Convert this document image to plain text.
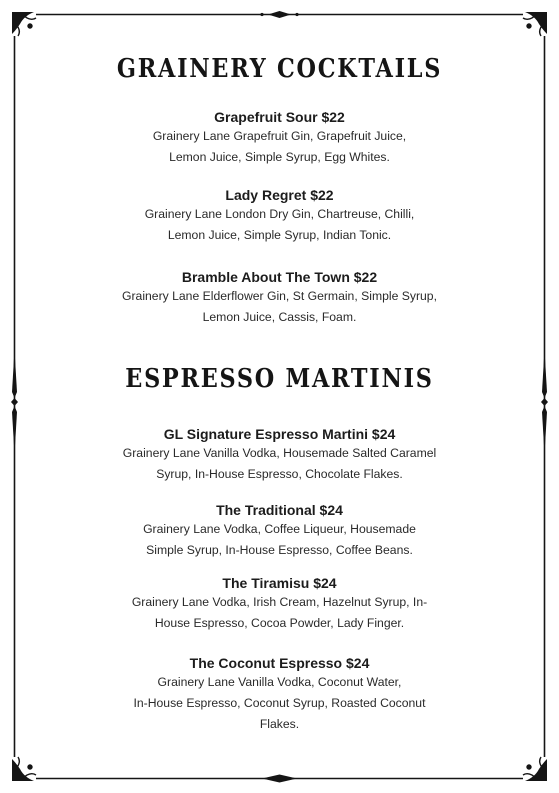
GRAINERY COCKTAILS
Grapefruit Sour $22
Grainery Lane Grapefruit Gin, Grapefruit Juice,
Lemon Juice, Simple Syrup, Egg Whites.
Lady Regret $22
Grainery Lane London Dry Gin, Chartreuse, Chilli,
Lemon Juice, Simple Syrup, Indian Tonic.
Bramble About The Town $22
Grainery Lane Elderflower Gin, St Germain, Simple Syrup,
Lemon Juice, Cassis, Foam.
ESPRESSO MARTINIS
GL Signature Espresso Martini $24
Grainery Lane Vanilla Vodka, Housemade Salted Caramel
Syrup, In-House Espresso, Chocolate Flakes.
The Traditional $24
Grainery Lane Vodka, Coffee Liqueur, Housemade
Simple Syrup, In-House Espresso, Coffee Beans.
The Tiramisu $24
Grainery Lane Vodka, Irish Cream, Hazelnut Syrup, In-
House Espresso, Cocoa Powder, Lady Finger.
The Coconut Espresso $24
Grainery Lane Vanilla Vodka, Coconut Water,
In-House Espresso, Coconut Syrup, Roasted Coconut
Flakes.
